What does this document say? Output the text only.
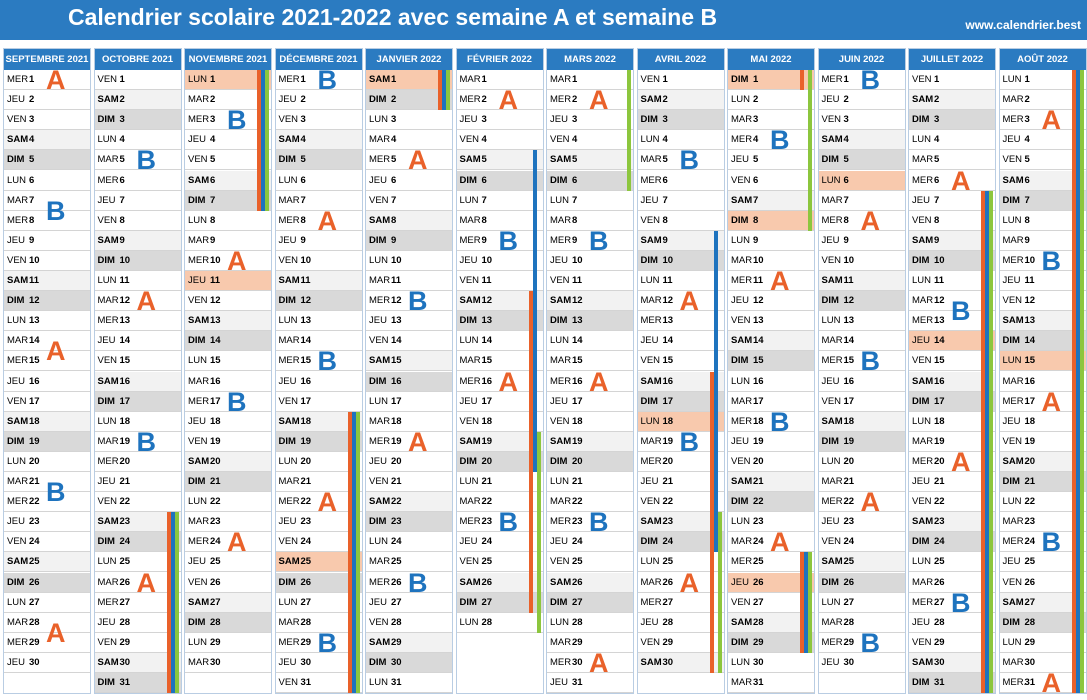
Calendrier scolaire 2021-2022 avec semaine A et semaine B	www.calendrier.best
SEPTEMBRE 2021
MER 1
JEU 2
VEN 3
SAM 4
DIM 5
LUN 6
MAR 7
MER 8
JEU 9
VEN 10
SAM 11
DIM 12
LUN 13
MAR 14
MER 15
JEU 16
VEN 17
SAM 18
DIM 19
LUN 20
MAR 21
MER 22
JEU 23
VEN 24
SAM 25
DIM 26
LUN 27
MAR 28
MER 29
JEU 30
A
B
A
B
A
OCTOBRE 2021
VEN 1
SAM 2
DIM 3
LUN 4
MAR 5
MER 6
JEU 7
VEN 8
SAM 9
DIM 10
LUN 11
MAR 12
MER 13
JEU 14
VEN 15
SAM 16
DIM 17
LUN 18
MAR 19
MER 20
JEU 21
VEN 22
SAM 23
DIM 24
LUN 25
MAR 26
MER 27
JEU 28
VEN 29
SAM 30
DIM 31
B
A
B
A
NOVEMBRE 2021
LUN 1
MAR 2
MER 3
JEU 4
VEN 5
SAM 6
DIM 7
LUN 8
MAR 9
MER 10
JEU 11
VEN 12
SAM 13
DIM 14
LUN 15
MAR 16
MER 17
JEU 18
VEN 19
SAM 20
DIM 21
LUN 22
MAR 23
MER 24
JEU 25
VEN 26
SAM 27
DIM 28
LUN 29
MAR 30
B
A
B
A
DÉCEMBRE 2021
MER 1
JEU 2
VEN 3
SAM 4
DIM 5
LUN 6
MAR 7
MER 8
JEU 9
VEN 10
SAM 11
DIM 12
LUN 13
MAR 14
MER 15
JEU 16
VEN 17
SAM 18
DIM 19
LUN 20
MAR 21
MER 22
JEU 23
VEN 24
SAM 25
DIM 26
LUN 27
MAR 28
MER 29
JEU 30
VEN 31
B
A
B
A
B
JANVIER 2022
SAM 1
DIM 2
LUN 3
MAR 4
MER 5
JEU 6
VEN 7
SAM 8
DIM 9
LUN 10
MAR 11
MER 12
JEU 13
VEN 14
SAM 15
DIM 16
LUN 17
MAR 18
MER 19
JEU 20
VEN 21
SAM 22
DIM 23
LUN 24
MAR 25
MER 26
JEU 27
VEN 28
SAM 29
DIM 30
LUN 31
A
B
A
B
FÉVRIER 2022
MAR 1
MER 2
JEU 3
VEN 4
SAM 5
DIM 6
LUN 7
MAR 8
MER 9
JEU 10
VEN 11
SAM 12
DIM 13
LUN 14
MAR 15
MER 16
JEU 17
VEN 18
SAM 19
DIM 20
LUN 21
MAR 22
MER 23
JEU 24
VEN 25
SAM 26
DIM 27
LUN 28
A
B
A
B
MARS 2022
MAR 1
MER 2
JEU 3
VEN 4
SAM 5
DIM 6
LUN 7
MAR 8
MER 9
JEU 10
VEN 11
SAM 12
DIM 13
LUN 14
MAR 15
MER 16
JEU 17
VEN 18
SAM 19
DIM 20
LUN 21
MAR 22
MER 23
JEU 24
VEN 25
SAM 26
DIM 27
LUN 28
MAR 29
MER 30
JEU 31
A
B
A
B
A
AVRIL 2022
VEN 1
SAM 2
DIM 3
LUN 4
MAR 5
MER 6
JEU 7
VEN 8
SAM 9
DIM 10
LUN 11
MAR 12
MER 13
JEU 14
VEN 15
SAM 16
DIM 17
LUN 18
MAR 19
MER 20
JEU 21
VEN 22
SAM 23
DIM 24
LUN 25
MAR 26
MER 27
JEU 28
VEN 29
SAM 30
B
A
B
A
MAI 2022
DIM 1
LUN 2
MAR 3
MER 4
JEU 5
VEN 6
SAM 7
DIM 8
LUN 9
MAR 10
MER 11
JEU 12
VEN 13
SAM 14
DIM 15
LUN 16
MAR 17
MER 18
JEU 19
VEN 20
SAM 21
DIM 22
LUN 23
MAR 24
MER 25
JEU 26
VEN 27
SAM 28
DIM 29
LUN 30
MAR 31
B
A
B
A
JUIN 2022
MER 1
JEU 2
VEN 3
SAM 4
DIM 5
LUN 6
MAR 7
MER 8
JEU 9
VEN 10
SAM 11
DIM 12
LUN 13
MAR 14
MER 15
JEU 16
VEN 17
SAM 18
DIM 19
LUN 20
MAR 21
MER 22
JEU 23
VEN 24
SAM 25
DIM 26
LUN 27
MAR 28
MER 29
JEU 30
B
A
B
A
B
JUILLET 2022
VEN 1
SAM 2
DIM 3
LUN 4
MAR 5
MER 6
JEU 7
VEN 8
SAM 9
DIM 10
LUN 11
MAR 12
MER 13
JEU 14
VEN 15
SAM 16
DIM 17
LUN 18
MAR 19
MER 20
JEU 21
VEN 22
SAM 23
DIM 24
LUN 25
MAR 26
MER 27
JEU 28
VEN 29
SAM 30
DIM 31
A
B
A
B
AOÛT 2022
LUN 1
MAR 2
MER 3
JEU 4
VEN 5
SAM 6
DIM 7
LUN 8
MAR 9
MER 10
JEU 11
VEN 12
SAM 13
DIM 14
LUN 15
MAR 16
MER 17
JEU 18
VEN 19
SAM 20
DIM 21
LUN 22
MAR 23
MER 24
JEU 25
VEN 26
SAM 27
DIM 28
LUN 29
MAR 30
MER.
31
A
B
A
B
A
